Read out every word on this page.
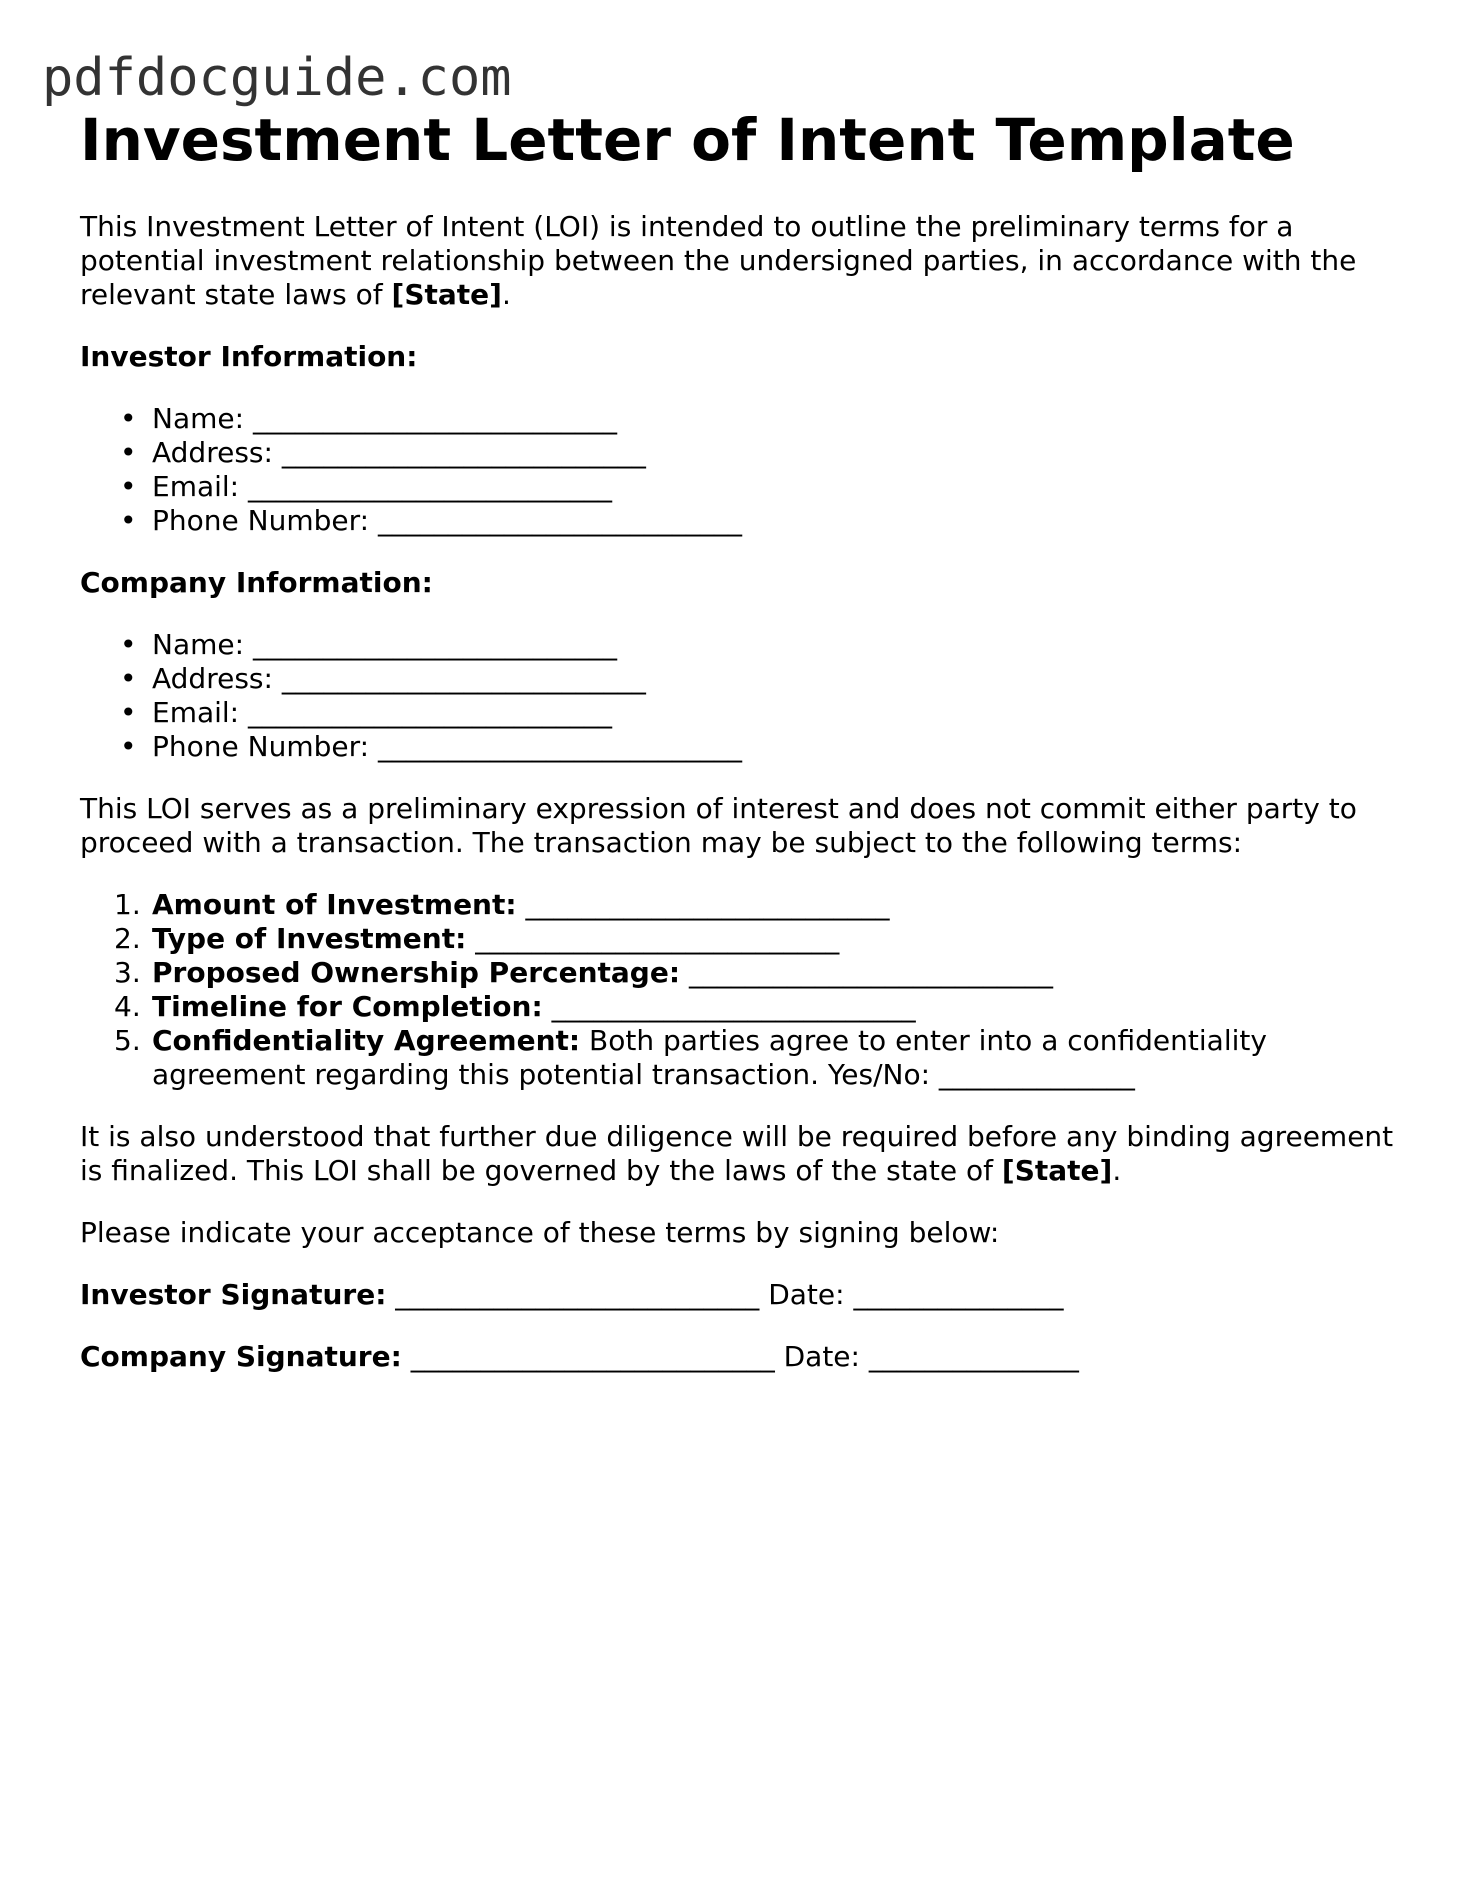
pdfdocguide.com
Investment Letter of Intent Template

This Investment Letter of Intent (LOI) is intended to outline the preliminary terms for a potential investment relationship between the undersigned parties, in accordance with the relevant state laws of [State].

Investor Information:
• Name: __________________________
• Address: __________________________
• Email: __________________________
• Phone Number: __________________________
Company Information:
• Name: __________________________
• Address: __________________________
• Email: __________________________
• Phone Number: __________________________

This LOI serves as a preliminary expression of interest and does not commit either party to proceed with a transaction. The transaction may be subject to the following terms:

1. Amount of Investment: __________________________
2. Type of Investment: __________________________
3. Proposed Ownership Percentage: __________________________
4. Timeline for Completion: __________________________
5. Confidentiality Agreement: Both parties agree to enter into a confidentiality agreement regarding this potential transaction. Yes/No: ______________

It is also understood that further due diligence will be required before any binding agreement is finalized. This LOI shall be governed by the laws of the state of [State].

Please indicate your acceptance of these terms by signing below:

Investor Signature: __________________________ Date: _______________
Company Signature: __________________________ Date: _______________
